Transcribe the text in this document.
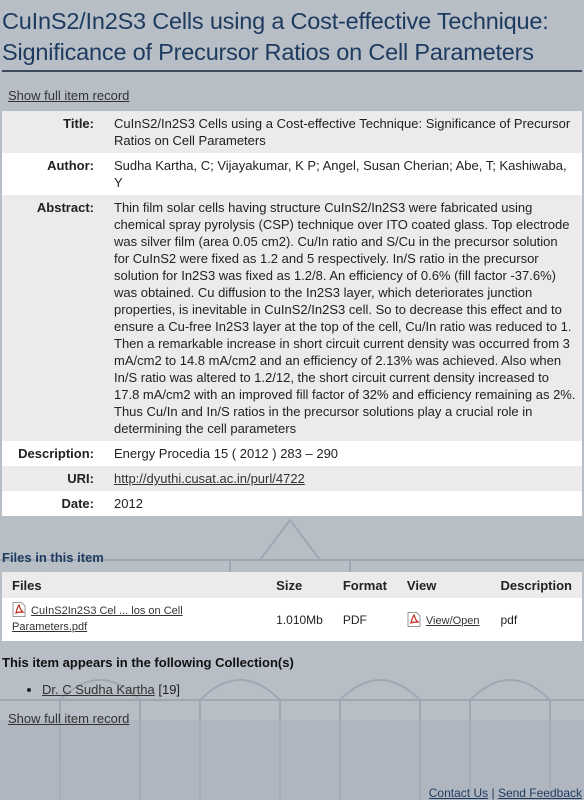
CuInS2/In2S3 Cells using a Cost-effective Technique: Significance of Precursor Ratios on Cell Parameters
Show full item record
Title:	CuInS2/In2S3 Cells using a Cost-effective Technique: Significance of Precursor Ratios on Cell Parameters
Author:	Sudha Kartha, C; Vijayakumar, K P; Angel, Susan Cherian; Abe, T; Kashiwaba, Y
Abstract:	Thin film solar cells having structure CuInS2/In2S3 were fabricated using chemical spray pyrolysis (CSP) technique over ITO coated glass. Top electrode was silver film (area 0.05 cm2). Cu/In ratio and S/Cu in the precursor solution for CuInS2 were fixed as 1.2 and 5 respectively. In/S ratio in the precursor solution for In2S3 was fixed as 1.2/8. An efficiency of 0.6% (fill factor -37.6%) was obtained. Cu diffusion to the In2S3 layer, which deteriorates junction properties, is inevitable in CuInS2/In2S3 cell. So to decrease this effect and to ensure a Cu-free In2S3 layer at the top of the cell, Cu/In ratio was reduced to 1. Then a remarkable increase in short circuit current density was occurred from 3 mA/cm2 to 14.8 mA/cm2 and an efficiency of 2.13% was achieved. Also when In/S ratio was altered to 1.2/12, the short circuit current density increased to 17.8 mA/cm2 with an improved fill factor of 32% and efficiency remaining as 2%. Thus Cu/In and In/S ratios in the precursor solutions play a crucial role in determining the cell parameters
Description:	Energy Procedia 15 ( 2012 ) 283 – 290
URI:	http://dyuthi.cusat.ac.in/purl/4722
Date:	2012
Files in this item
Files	Size	Format	View	Description
CuInS2In2S3 Cel ... los on Cell Parameters.pdf	1.010Mb	PDF	View/Open	pdf
This item appears in the following Collection(s)
• Dr. C Sudha Kartha [19]
Show full item record
Contact Us | Send Feedback
